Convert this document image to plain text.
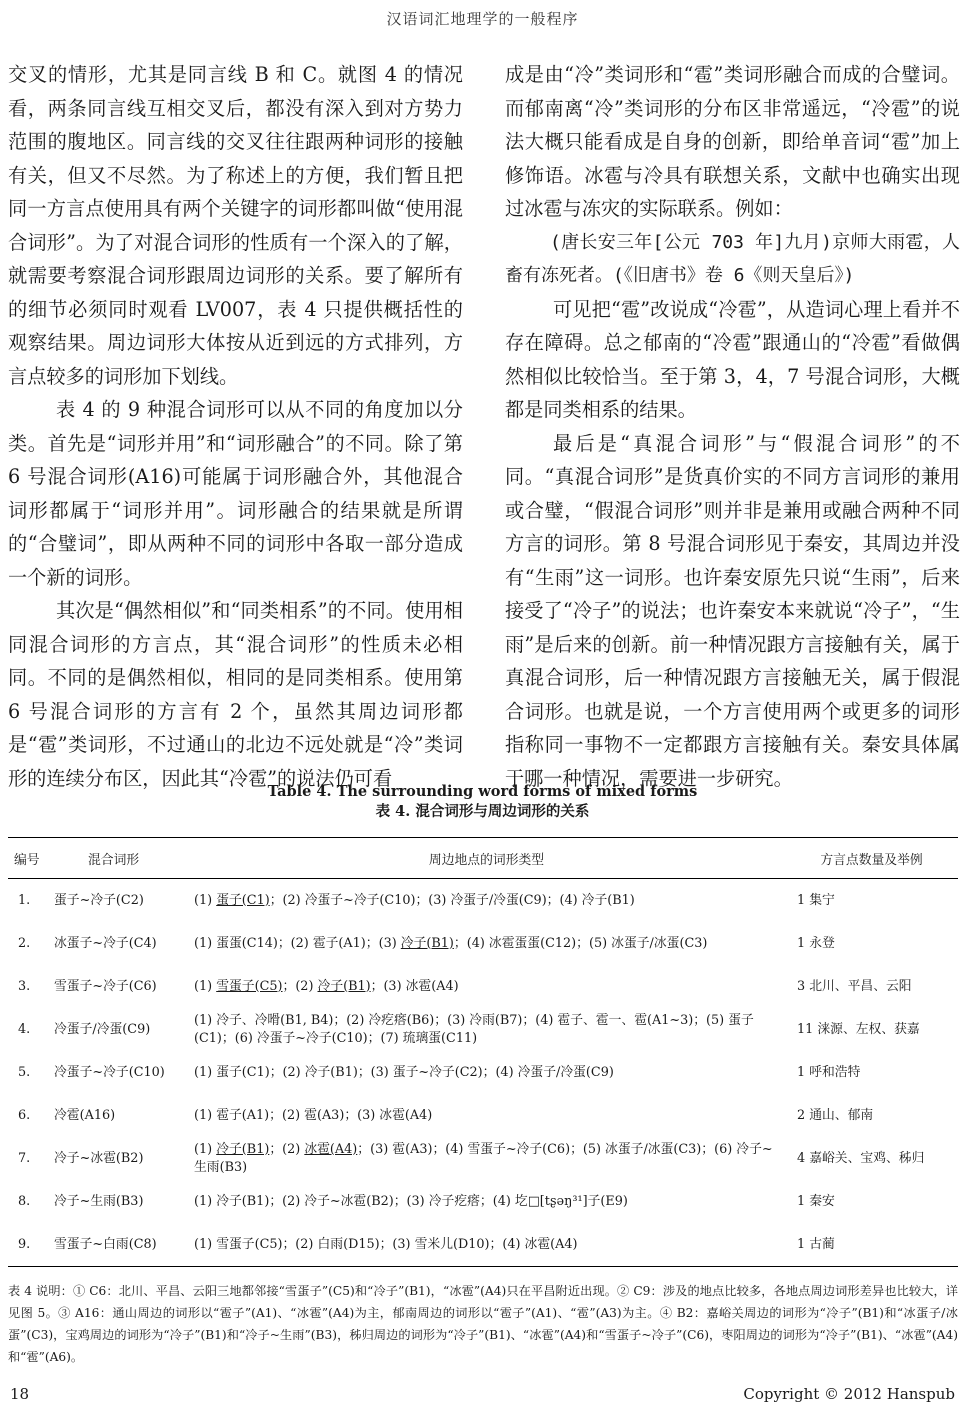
汉语词汇地理学的一般程序

交叉的情形，尤其是同言线 B 和 C。就图 4 的情况看，两条同言线互相交叉后，都没有深入到对方势力范围的腹地区。同言线的交叉往往跟两种词形的接触有关，但又不尽然。为了称述上的方便，我们暂且把同一方言点使用具有两个关键字的词形都叫做“使用混合词形”。为了对混合词形的性质有一个深入的了解，就需要考察混合词形跟周边词形的关系。要了解所有的细节必须同时观看 LV007，表 4 只提供概括性的观察结果。周边词形大体按从近到远的方式排列，方言点较多的词形加下划线。

表 4 的 9 种混合词形可以从不同的角度加以分类。首先是“词形并用”和“词形融合”的不同。除了第 6 号混合词形(A16)可能属于词形融合外，其他混合词形都属于“词形并用”。词形融合的结果就是所谓的“合璧词”，即从两种不同的词形中各取一部分造成一个新的词形。

其次是“偶然相似”和“同类相系”的不同。使用相同混合词形的方言点，其“混合词形”的性质未必相同。不同的是偶然相似，相同的是同类相系。使用第 6 号混合词形的方言有 2 个，虽然其周边词形都是“雹”类词形，不过通山的北边不远处就是“冷”类词形的连续分布区，因此其“冷雹”的说法仍可看

成是由“冷”类词形和“雹”类词形融合而成的合璧词。而郁南离“冷”类词形的分布区非常遥远，“冷雹”的说法大概只能看成是自身的创新，即给单音词“雹”加上修饰语。冰雹与冷具有联想关系，文献中也确实出现过冰雹与冻灾的实际联系。例如：

(唐长安三年[公元 703 年]九月)京师大雨雹，人畜有冻死者。(《旧唐书》卷 6《则天皇后》)

可见把“雹”改说成“冷雹”，从造词心理上看并不存在障碍。总之郁南的“冷雹”跟通山的“冷雹”看做偶然相似比较恰当。至于第 3，4，7 号混合词形，大概都是同类相系的结果。

最后是“真混合词形”与“假混合词形”的不同。“真混合词形”是货真价实的不同方言词形的兼用或合璧，“假混合词形”则并非是兼用或融合两种不同方言的词形。第 8 号混合词形见于秦安，其周边并没有“生雨”这一词形。也许秦安原先只说“生雨”，后来接受了“冷子”的说法；也许秦安本来就说“冷子”，“生雨”是后来的创新。前一种情况跟方言接触有关，属于真混合词形，后一种情况跟方言接触无关，属于假混合词形。也就是说，一个方言使用两个或更多的词形指称同一事物不一定都跟方言接触有关。秦安具体属于哪一种情况，需要进一步研究。

Table 4. The surrounding word forms of mixed forms
表 4. 混合词形与周边词形的关系
编号	混合词形	周边地点的词形类型	方言点数量及举例
1.	蛋子~冷子(C2)	(1) 蛋子(C1)；(2) 冷蛋子~冷子(C10)；(3) 冷蛋子/冷蛋(C9)；(4) 冷子(B1)	1 集宁
2.	冰蛋子~冷子(C4)	(1) 蛋蛋(C14)；(2) 雹子(A1)；(3) 冷子(B1)；(4) 冰雹蛋蛋(C12)；(5) 冰蛋子/冰蛋(C3)	1 永登
3.	雪蛋子~冷子(C6)	(1) 雪蛋子(C5)；(2) 冷子(B1)；(3) 冰雹(A4)	3 北川、平昌、云阳
4.	冷蛋子/冷蛋(C9)	(1) 冷子、冷嗗(B1, B4)；(2) 冷疙瘩(B6)；(3) 冷雨(B7)；(4) 雹子、雹一、雹(A1~3)；(5) 蛋子(C1)；(6) 冷蛋子~冷子(C10)；(7) 琉璃蛋(C11)	11 涞源、左权、获嘉
5.	冷蛋子~冷子(C10)	(1) 蛋子(C1)；(2) 冷子(B1)；(3) 蛋子~冷子(C2)；(4) 冷蛋子/冷蛋(C9)	1 呼和浩特
6.	冷雹(A16)	(1) 雹子(A1)；(2) 雹(A3)；(3) 冰雹(A4)	2 通山、郁南
7.	冷子~冰雹(B2)	(1) 冷子(B1)；(2) 冰雹(A4)；(3) 雹(A3)；(4) 雪蛋子~冷子(C6)；(5) 冰蛋子/冰蛋(C3)；(6) 冷子~生雨(B3)	4 嘉峪关、宝鸡、秭归
8.	冷子~生雨(B3)	(1) 冷子(B1)；(2) 冷子~冰雹(B2)；(3) 冷子疙瘩；(4) 圪□[tʂəŋ³¹]子(E9)	1 秦安
9.	雪蛋子~白雨(C8)	(1) 雪蛋子(C5)；(2) 白雨(D15)；(3) 雪米儿(D10)；(4) 冰雹(A4)	1 古蔺
表 4 说明：① C6：北川、平昌、云阳三地都邻接“雪蛋子”(C5)和“冷子”(B1)，“冰雹”(A4)只在平昌附近出现。② C9：涉及的地点比较多，各地点周边词形差异也比较大，详见图 5。③ A16：通山周边的词形以“雹子”(A1)、“冰雹”(A4)为主，郁南周边的词形以“雹子”(A1)、“雹”(A3)为主。④ B2：嘉峪关周边的词形为“冷子”(B1)和“冰蛋子/冰蛋”(C3)，宝鸡周边的词形为“冷子”(B1)和“冷子~生雨”(B3)，秭归周边的词形为“冷子”(B1)、“冰雹”(A4)和“雪蛋子~冷子”(C6)，枣阳周边的词形为“冷子”(B1)、“冰雹”(A4)和“雹”(A6)。
18	Copyright © 2012 Hanspub
